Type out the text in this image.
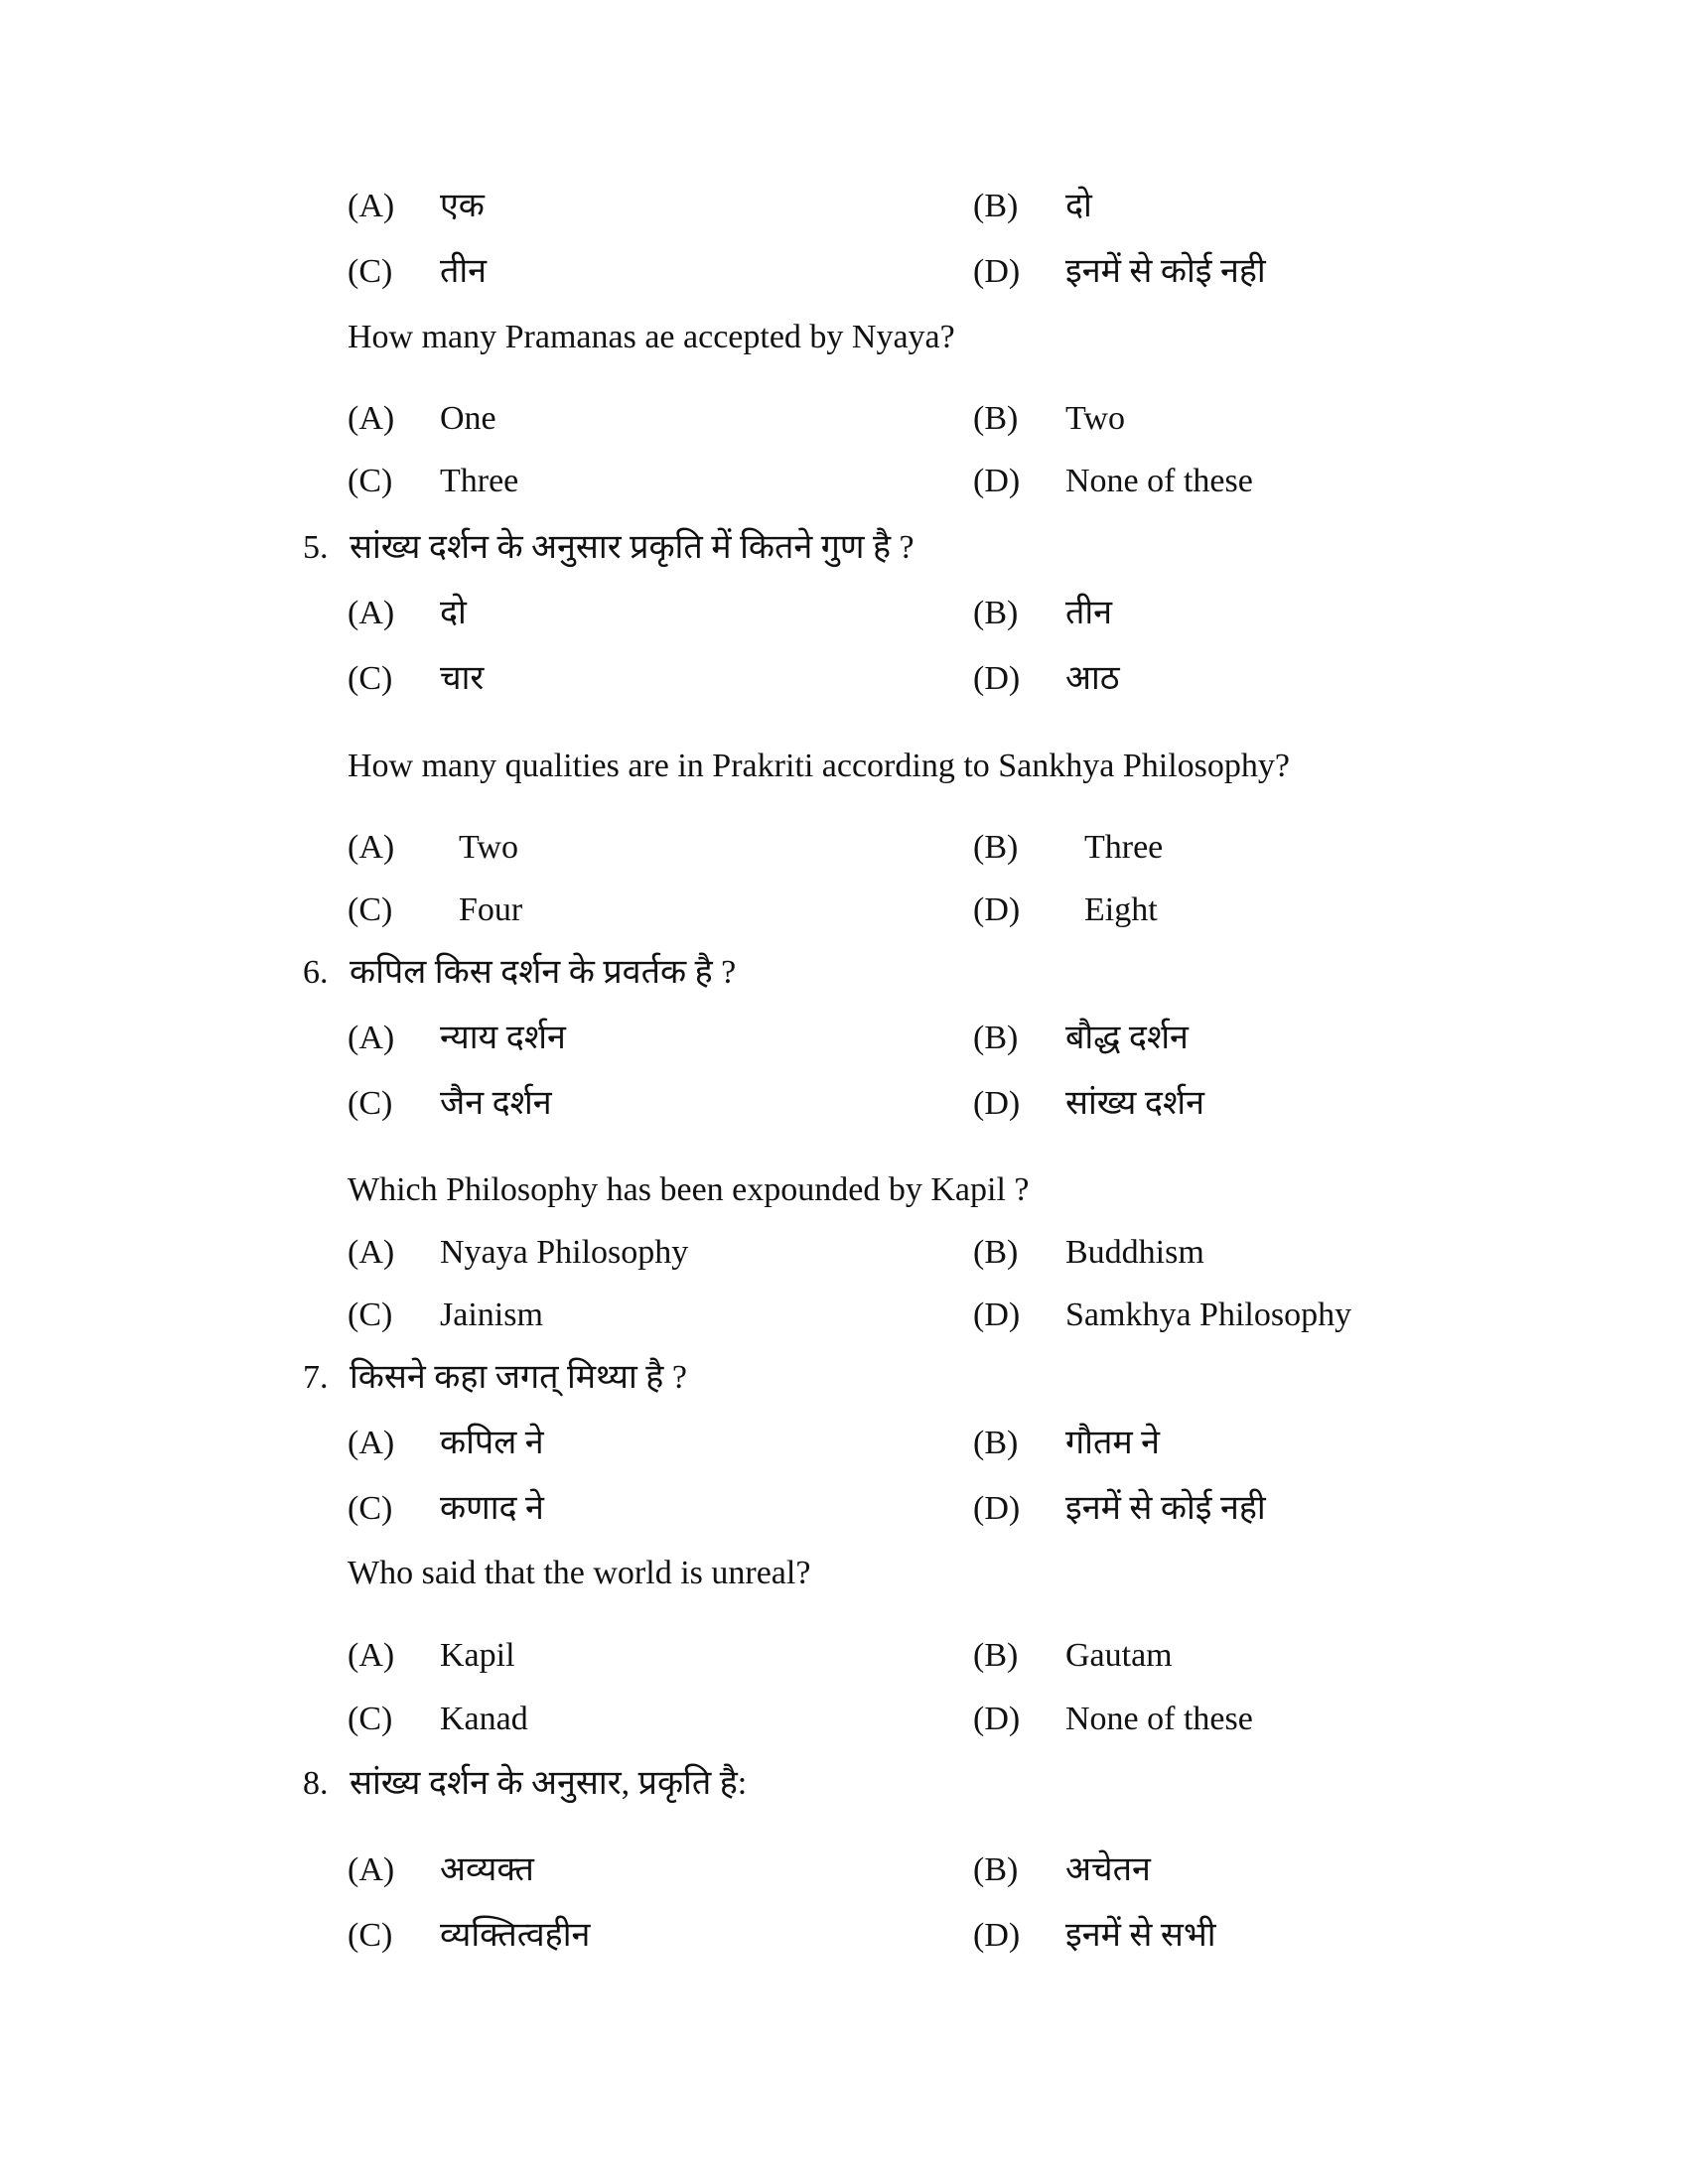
(A) एक	(B) दो
(C) तीन	(D) इनमें से कोई नही
How many Pramanas ae accepted by Nyaya?
(A) One	(B) Two
(C) Three	(D) None of these
5. सांख्य दर्शन के अनुसार प्रकृति में कितने गुण है ?
(A) दो	(B) तीन
(C) चार	(D) आठ
How many qualities are in Prakriti according to Sankhya Philosophy?
(A) Two	(B) Three
(C) Four	(D) Eight
6. कपिल किस दर्शन के प्रवर्तक है ?
(A) न्याय दर्शन	(B) बौद्ध दर्शन
(C) जैन दर्शन	(D) सांख्य दर्शन
Which Philosophy has been expounded by Kapil ?
(A) Nyaya Philosophy	(B) Buddhism
(C) Jainism	(D) Samkhya Philosophy
7. किसने कहा जगत् मिथ्या है ?
(A) कपिल ने	(B) गौतम ने
(C) कणाद ने	(D) इनमें से कोई नही
Who said that the world is unreal?
(A) Kapil	(B) Gautam
(C) Kanad	(D) None of these
8. सांख्य दर्शन के अनुसार, प्रकृति है:
(A) अव्यक्त	(B) अचेतन
(C) व्यक्तित्वहीन	(D) इनमें से सभी
